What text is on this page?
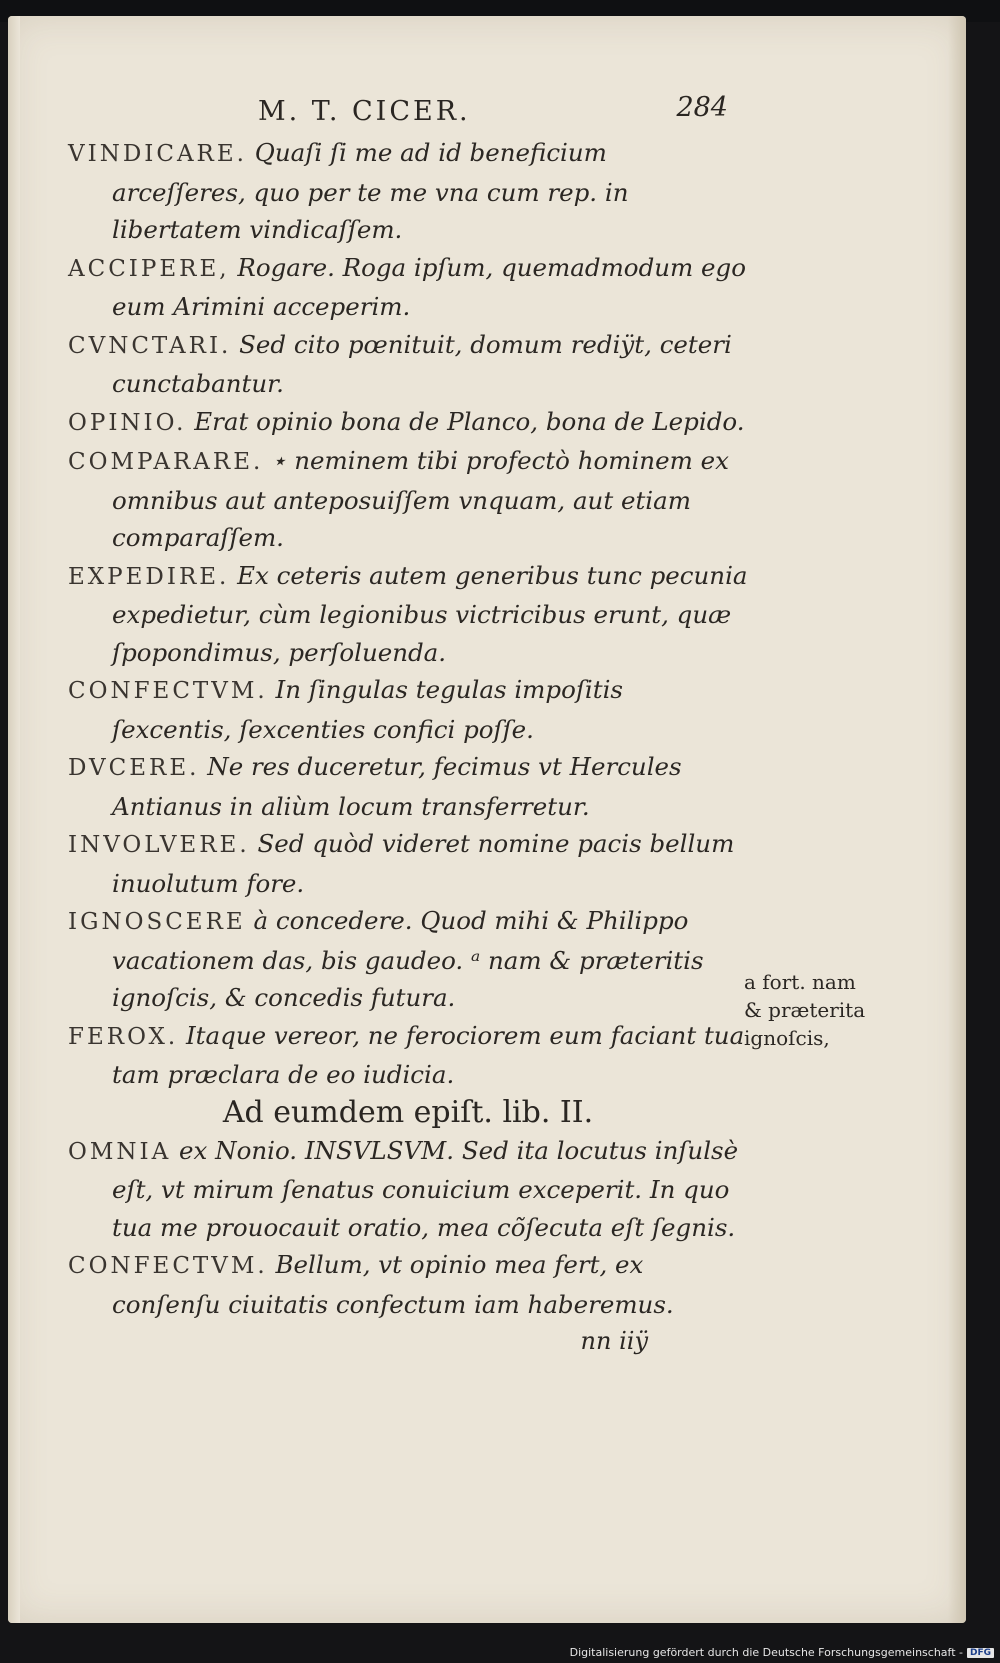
M. T. CICER.	284

VINDICARE. Quaſi ſi me ad id beneficium arceſſeres, quo per te me vna cum rep. in libertatem vindicaſſem.

ACCIPERE, Rogare. Roga ipſum, quemadmodum ego eum Arimini acceperim.

CVNCTARI. Sed cito pœnituit, domum rediÿt, ceteri cunctabantur.

OPINIO. Erat opinio bona de Planco, bona de Lepido.

COMPARARE. ⋆ neminem tibi profectò hominem ex omnibus aut anteposuiſſem vnquam, aut etiam comparaſſem.

EXPEDIRE. Ex ceteris autem generibus tunc pecunia expedietur, cùm legionibus victricibus erunt, quæ ſpopondimus, perſoluenda.

CONFECTVM. In ſingulas tegulas impoſitis ſexcentis, ſexcenties confici poſſe.

DVCERE. Ne res duceretur, fecimus vt Hercules Antianus in aliùm locum transferretur.

INVOLVERE. Sed quòd videret nomine pacis bellum inuolutum fore.

IGNOSCERE à concedere. Quod mihi & Philippo vacationem das, bis gaudeo. ᵃ nam & præteritis ignoſcis, & concedis futura.

FEROX. Itaque vereor, ne ferociorem eum faciant tua tam præclara de eo iudicia.

Ad eumdem epiſt. lib. II.

OMNIA ex Nonio. INSVLSVM. Sed ita locutus inſulsè eſt, vt mirum ſenatus conuicium exceperit. In quo tua me prouocauit oratio, mea cõſecuta eſt ſegnis.

CONFECTVM. Bellum, vt opinio mea fert, ex conſenſu ciuitatis confectum iam haberemus.

nn iiÿ

a fort. nam
& præterita
ignoſcis,
Digitalisierung gefördert durch die Deutsche Forschungsgemeinschaft - DFG
